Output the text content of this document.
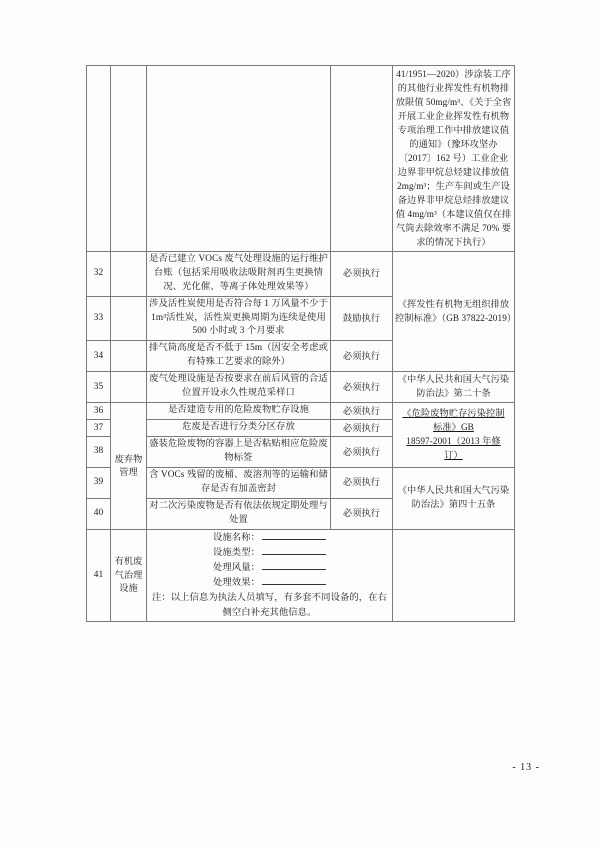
				41/1951—2020）涉涂装工序的其他行业挥发性有机物排放限值 50mg/m³、《关于全省开展工业企业挥发性有机物专项治理工作中排放建议值的通知》（豫环攻坚办〔2017〕162 号）工业企业边界非甲烷总烃建议排放值 2mg/m³；生产车间或生产设备边界非甲烷总烃排放建议值 4mg/m³（本建议值仅在排气筒去除效率不满足 70% 要求的情况下执行）
32		是否已建立 VOCs 废气处理设施的运行维护台账（包括采用吸收法吸附剂再生更换情况、光化催、等离子体处理效果等）	必须执行	《挥发性有机物无组织排放控制标准》（GB 37822-2019）
33		涉及活性炭使用是否符合每 1 万风量不少于 1m³活性炭，活性炭更换周期为连续是使用 500 小时或 3 个月要求	鼓励执行	
34		排气筒高度是否不低于 15m（因安全考虑或有特殊工艺要求的除外）	必须执行	
35		废气处理设施是否按要求在前后风管的合适位置开设永久性规范采样口	必须执行	《中华人民共和国大气污染防治法》第二十条
36	废弃物管理	是否建造专用的危险废物贮存设施	必须执行	《危险废物贮存污染控制
标准》GB
18597-2001（2013 年修
订）
37		危废是否进行分类分区存放	必须执行	
38		盛装危险废物的容器上是否粘贴相应危险废物标签	必须执行	
39		含 VOCs 残留的废桶、废溶剂等的运输和储存是否有加盖密封	必须执行	《中华人民共和国大气污染防治法》第四十五条
40		对二次污染废物是否有依法依规定期处理与处置	必须执行	
41	有机废气治理设施	设施名称：
设施类型：
处理风量：
处理效果：
注：以上信息为执法人员填写，有多套不同设备的，在右侧空白补充其他信息。		

- 13 -
